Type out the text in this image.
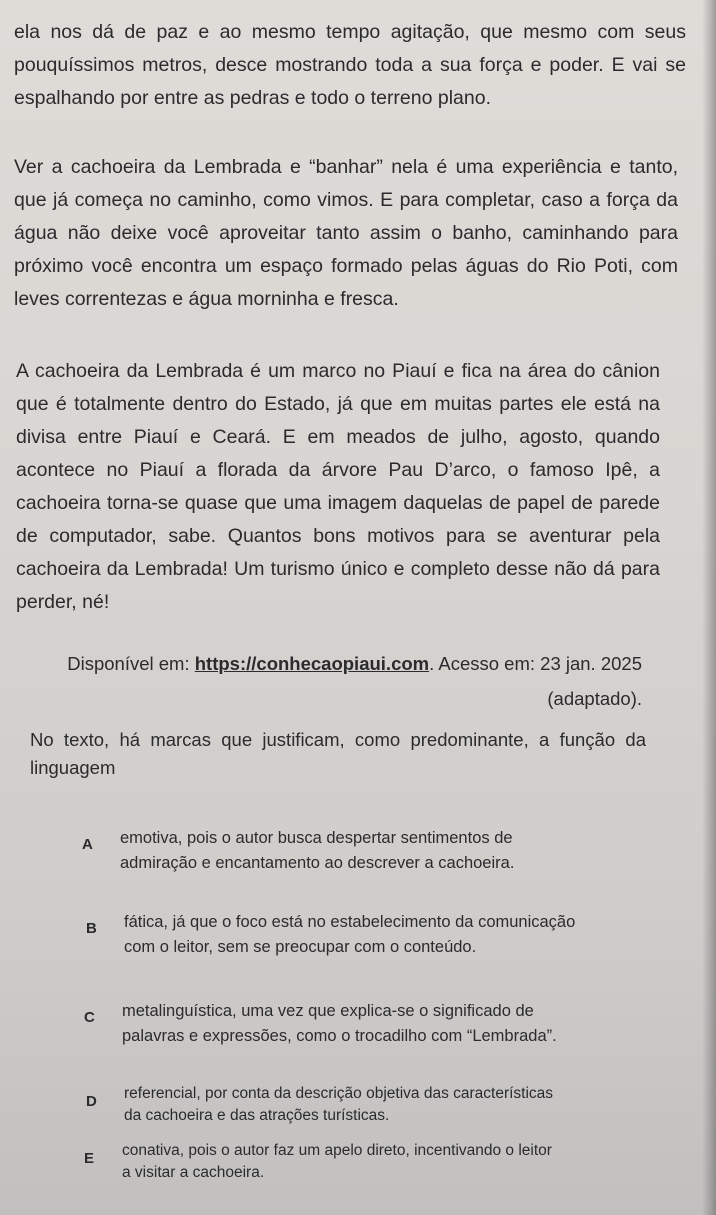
ela nos dá de paz e ao mesmo tempo agitação, que mesmo com seus pouquíssimos metros, desce mostrando toda a sua força e poder. E vai se espalhando por entre as pedras e todo o terreno plano.

Ver a cachoeira da Lembrada e “banhar” nela é uma experiência e tanto, que já começa no caminho, como vimos. E para completar, caso a força da água não deixe você aproveitar tanto assim o banho, caminhando para próximo você encontra um espaço formado pelas águas do Rio Poti, com leves correntezas e água morninha e fresca.

A cachoeira da Lembrada é um marco no Piauí e fica na área do cânion que é totalmente dentro do Estado, já que em muitas partes ele está na divisa entre Piauí e Ceará. E em meados de julho, agosto, quando acontece no Piauí a florada da árvore Pau D’arco, o famoso Ipê, a cachoeira torna-se quase que uma imagem daquelas de papel de parede de computador, sabe. Quantos bons motivos para se aventurar pela cachoeira da Lembrada! Um turismo único e completo desse não dá para perder, né!

Disponível em: https://conhecaopiaui.com. Acesso em: 23 jan. 2025
(adaptado).

No texto, há marcas que justificam, como predominante, a função da linguagem

A emotiva, pois o autor busca despertar sentimentos de
admiração e encantamento ao descrever a cachoeira.
B fática, já que o foco está no estabelecimento da comunicação
com o leitor, sem se preocupar com o conteúdo.
C metalinguística, uma vez que explica-se o significado de
palavras e expressões, como o trocadilho com “Lembrada”.
D referencial, por conta da descrição objetiva das características
da cachoeira e das atrações turísticas.
E conativa, pois o autor faz um apelo direto, incentivando o leitor
a visitar a cachoeira.
